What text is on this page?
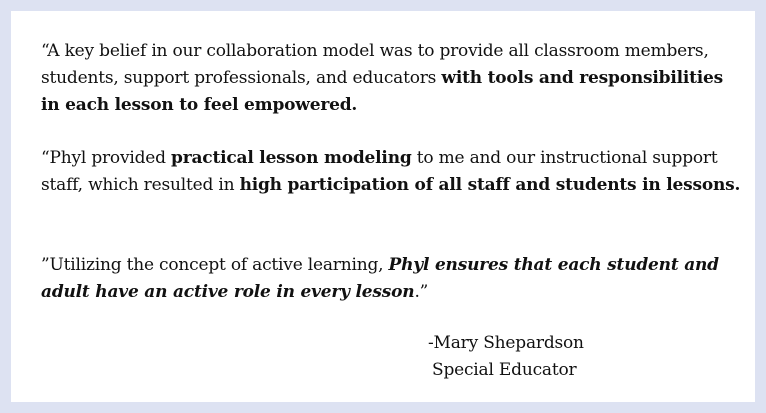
“A key belief in our collaboration model was to provide all classroom members, students, support professionals, and educators with tools and responsibilities in each lesson to feel empowered.

“Phyl provided practical lesson modeling to me and our instructional support staff, which resulted in high participation of all staff and students in lessons.

”Utilizing the concept of active learning, Phyl ensures that each student and adult have an active role in every lesson.”

-Mary Shepardson
Special Educator
